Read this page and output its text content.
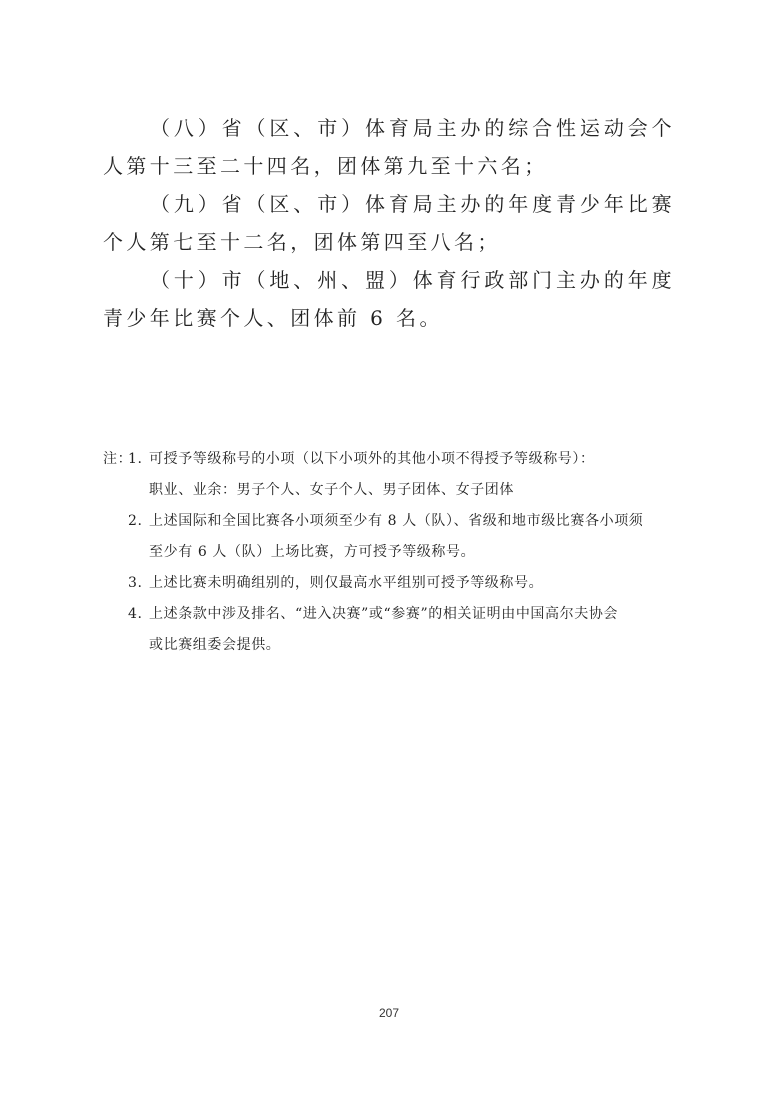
（八）省（区、市）体育局主办的综合性运动会个人第十三至二十四名，团体第九至十六名；

（九）省（区、市）体育局主办的年度青少年比赛个人第七至十二名，团体第四至八名；

（十）市（地、州、盟）体育行政部门主办的年度青少年比赛个人、团体前 6 名。

注：
1. 可授予等级称号的小项（以下小项外的其他小项不得授予等级称号）：
职业、业余：男子个人、女子个人、男子团体、女子团体
2. 上述国际和全国比赛各小项须至少有 8 人（队）、省级和地市级比赛各小项须
至少有 6 人（队）上场比赛，方可授予等级称号。
3. 上述比赛未明确组别的，则仅最高水平组别可授予等级称号。
4. 上述条款中涉及排名、“进入决赛”或“参赛”的相关证明由中国高尔夫协会
或比赛组委会提供。
207
